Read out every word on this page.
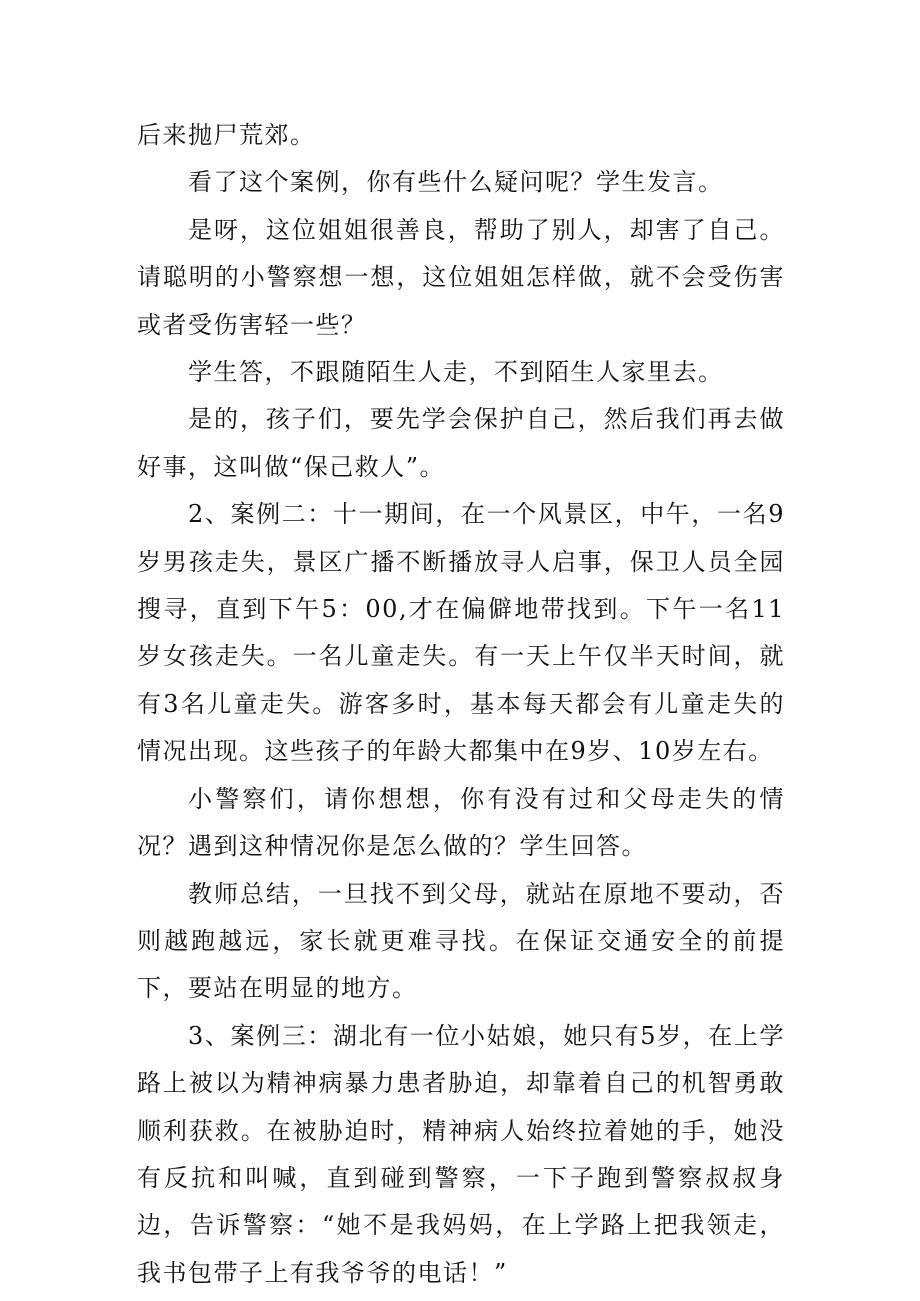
后来抛尸荒郊。

看了这个案例，你有些什么疑问呢？学生发言。

是呀，这位姐姐很善良，帮助了别人，却害了自己。请聪明的小警察想一想，这位姐姐怎样做，就不会受伤害或者受伤害轻一些？

学生答，不跟随陌生人走，不到陌生人家里去。

是的，孩子们，要先学会保护自己，然后我们再去做好事，这叫做“保己救人”。

2、案例二：十一期间，在一个风景区，中午，一名9岁男孩走失，景区广播不断播放寻人启事，保卫人员全园搜寻，直到下午5：00,才在偏僻地带找到。下午一名11岁女孩走失。一名儿童走失。有一天上午仅半天时间，就有3名儿童走失。游客多时，基本每天都会有儿童走失的情况出现。这些孩子的年龄大都集中在9岁、10岁左右。

小警察们，请你想想，你有没有过和父母走失的情况？遇到这种情况你是怎么做的？学生回答。

教师总结，一旦找不到父母，就站在原地不要动，否则越跑越远，家长就更难寻找。在保证交通安全的前提下，要站在明显的地方。

3、案例三：湖北有一位小姑娘，她只有5岁，在上学路上被以为精神病暴力患者胁迫，却靠着自己的机智勇敢顺利获救。在被胁迫时，精神病人始终拉着她的手，她没有反抗和叫喊，直到碰到警察，一下子跑到警察叔叔身边，告诉警察：“她不是我妈妈，在上学路上把我领走，我书包带子上有我爷爷的电话！”
